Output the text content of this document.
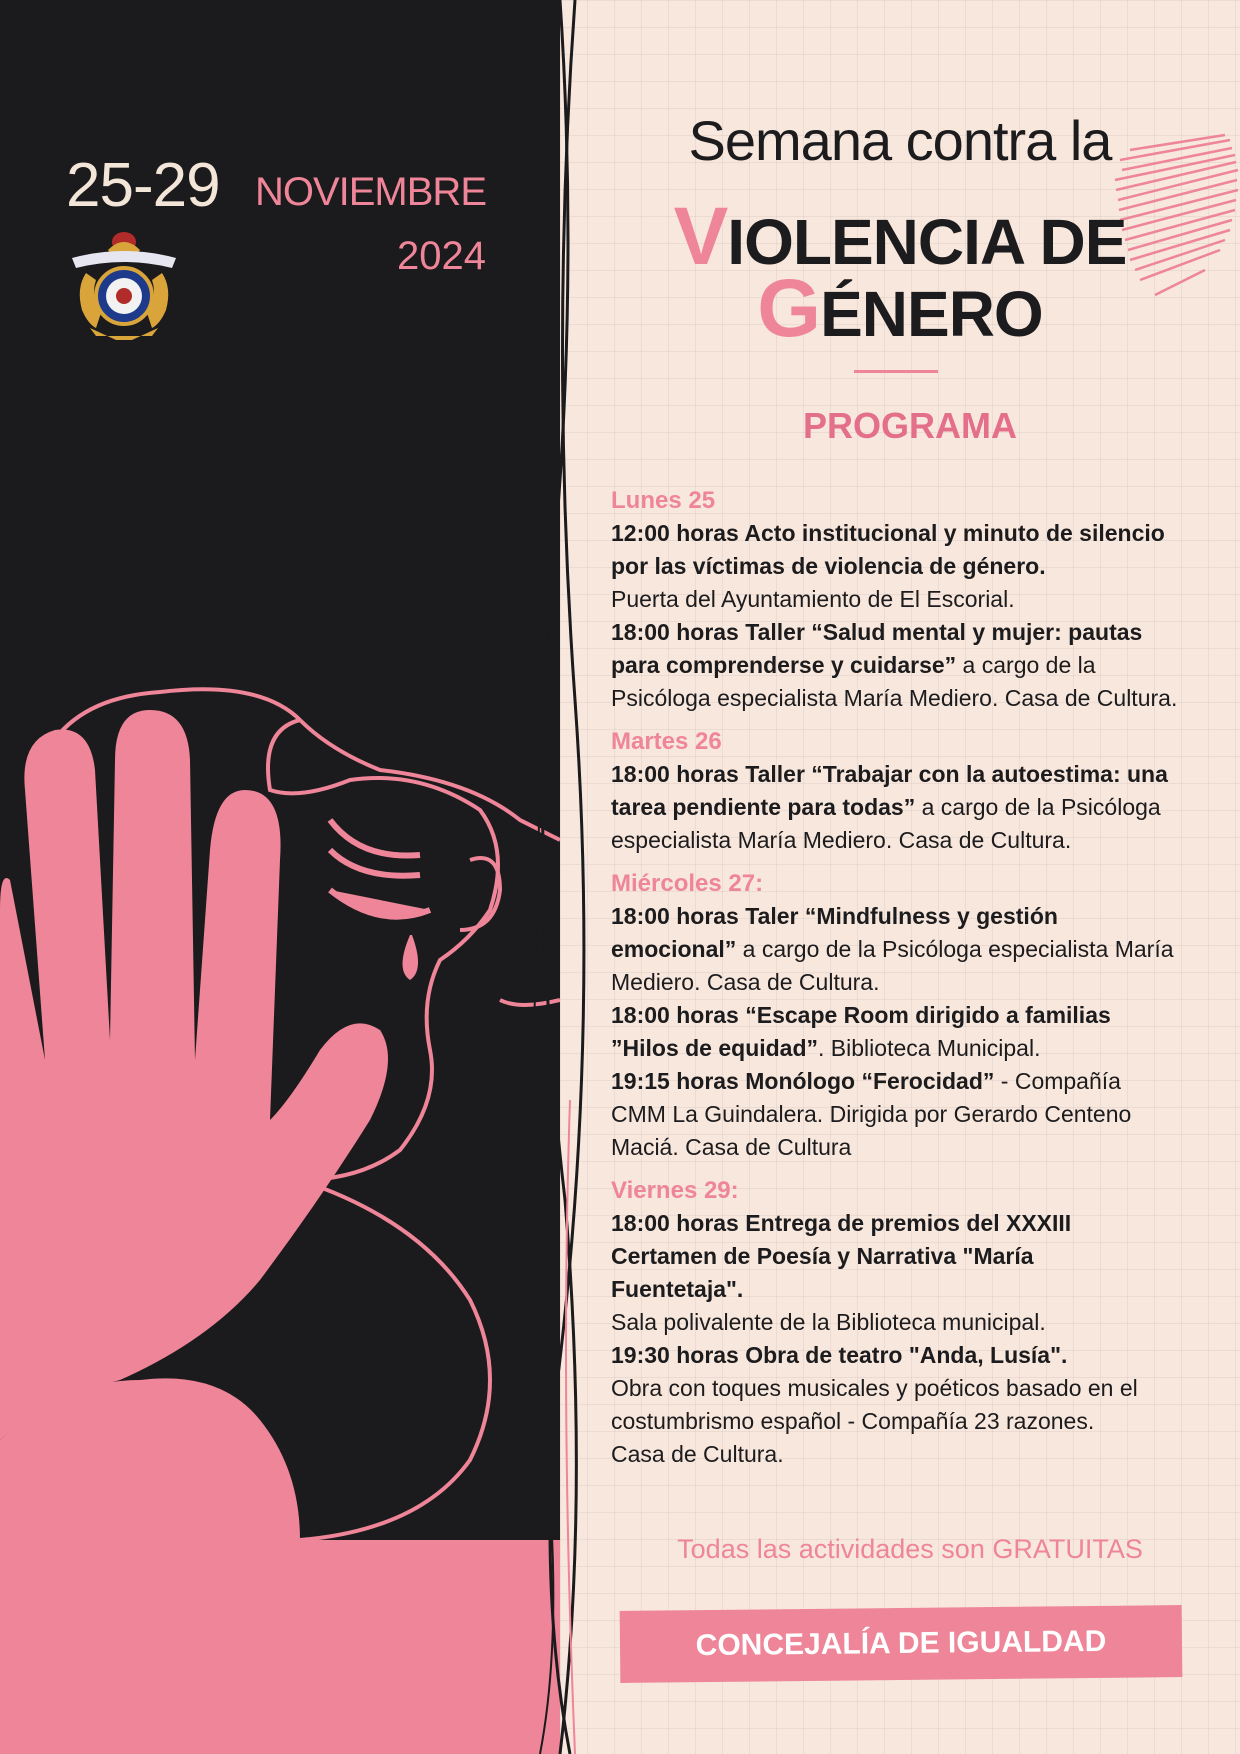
25-29 NOVIEMBRE
2024
Semana contra la
VIOLENCIA DE
GÉNERO
PROGRAMA
Lunes 25
12:00 horas Acto institucional y minuto de silencio
por las víctimas de violencia de género.
Puerta del Ayuntamiento de El Escorial.
18:00 horas Taller “Salud mental y mujer: pautas
para comprenderse y cuidarse” a cargo de la
Psicóloga especialista María Mediero. Casa de Cultura.
Martes 26
18:00 horas Taller “Trabajar con la autoestima: una
tarea pendiente para todas” a cargo de la Psicóloga
especialista María Mediero. Casa de Cultura.
Miércoles 27:
18:00 horas Taler “Mindfulness y gestión
emocional” a cargo de la Psicóloga especialista María
Mediero. Casa de Cultura.
18:00 horas “Escape Room dirigido a familias
”Hilos de equidad”. Biblioteca Municipal.
19:15 horas Monólogo “Ferocidad” - Compañía
CMM La Guindalera. Dirigida por Gerardo Centeno
Maciá. Casa de Cultura
Viernes 29:
18:00 horas Entrega de premios del XXXIII
Certamen de Poesía y Narrativa "María
Fuentetaja".
Sala polivalente de la Biblioteca municipal.
19:30 horas Obra de teatro "Anda, Lusía".
Obra con toques musicales y poéticos basado en el
costumbrismo español - Compañía 23 razones.
Casa de Cultura.
Todas las actividades son GRATUITAS
CONCEJALÍA DE IGUALDAD
